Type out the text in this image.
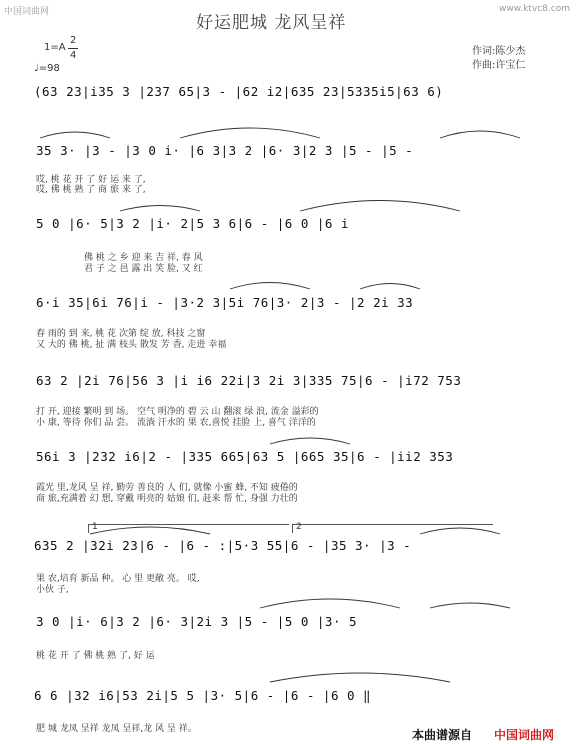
中国词曲网	www.ktvc8.com
好运肥城 龙风呈祥
1=A
2
4
♩=98
作词:陈少杰
作曲:许宝仁
(63 23|i35 3 |237 65|3 - |62 i2|635 23|5335i5|63 6)
35 3· |3 - |3 0 i· |6 3|3 2 |6· 3|2 3 |5 - |5 -
哎, 桃 花 开 了 好 运 来 了,
哎, 佛 桃 熟 了 商 旅 来 了,
5 0 |6· 5|3 2 |i· 2|5 3 6|6 - |6 0 |6 i
佛 桃 之 乡 迎 来 吉 祥, 春 风
君 子 之 邑 露 出 笑 脸, 又 红
6·i 35|6i 76|i - |3·2 3|5i 76|3· 2|3 - |2 2i 33
春 雨的 到 来, 桃 花 次第 绽 放, 科技 之窗
又 大的 佛 桃, 扯 满 枝头 散发 芳 香, 走进 幸福
63 2 |2i 76|56 3 |i i6 22i|3 2i 3|335 75|6 - |i72 753
打 开, 迎接 繁明 到 场。 空气 明净的 碧 云 山 翻滚 绿 浪, 流金 溢彩的
小 康, 等待 你们 品 尝。 流淌 汗水的 果 农,喜悦 挂脸 上, 喜气 洋洋的
56i 3 |232 i6|2 - |335 665|63 5 |665 35|6 - |ii2 353
霞光 里,龙风 呈 祥, 勤劳 善良的 人 们, 就像 小蜜 蜂, 不知 疲倦的
商 旅,充满着 幻 想, 穿戴 明亮的 姑娘 们, 赶来 帮 忙, 身强 力壮的
635 2 |32i 23|6 - |6 - :|5·3 55|6 - |35 3· |3 -
果 农,培育 新品 种。 心 里 更敞 亮。 哎,
小伙 子,
3 0 |i· 6|3 2 |6· 3|2i 3 |5 - |5 0 |3· 5
桃 花 开 了 佛 桃 熟 了, 好 运
6 6 |32 i6|53 2i|5 5 |3· 5|6 - |6 - |6 0 ‖
肥 城 龙凤 呈祥 龙凤 呈祥,龙 风 呈 祥。
1	2
本曲谱源自 中国词曲网
